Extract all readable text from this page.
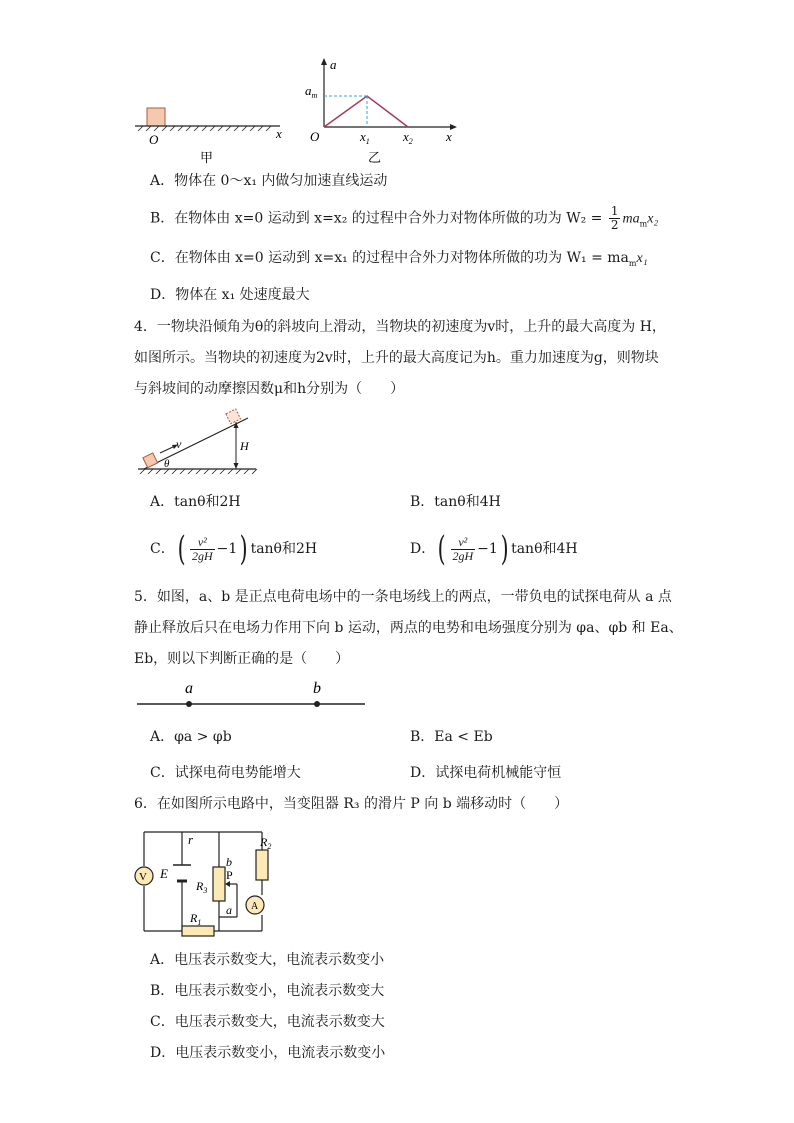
O	x
甲
a
$a_m$
O	x
$x_1$	$x_2$
乙
A．物体在 0～x₁ 内做匀加速直线运动
B．在物体由 x=0 运动到 x=x₂ 的过程中合外力对物体所做的功为 $W_2 = \frac{1}{2} ma_mx_2$
C．在物体由 x=0 运动到 x=x₁ 的过程中合外力对物体所做的功为 $W_1 = ma_mx_1$
D．物体在 x₁ 处速度最大
4．一物块沿倾角为θ的斜坡向上滑动，当物块的初速度为v时，上升的最大高度为 H，
如图所示。当物块的初速度为2v时，上升的最大高度记为h。重力加速度为g，则物块
与斜坡间的动摩擦因数μ和h分别为（　　）
v
θ
H
A．tanθ和2H	B．tanθ和4H
C．( $\frac{\text{v²}}{2gH} -1$) tanθ和2H	D．( $\frac{\text{v²}}{2gH} -1$) tanθ和4H
5．如图，a、b 是正点电荷电场中的一条电场线上的两点，一带负电的试探电荷从 a 点
静止释放后只在电场力作用下向 b 运动，两点的电势和电场强度分别为 φa、φb 和 Ea、
Eb，则以下判断正确的是（　　）
a	b
A．φa > φb	B．Ea < Eb
C．试探电荷电势能增大	D．试探电荷机械能守恒
6．在如图所示电路中，当变阻器 R₃ 的滑片 P 向 b 端移动时（　　）
V
A
E
r
b
P
a
$R_3$
$R_2$
$R_1$
A．电压表示数变大，电流表示数变小
B．电压表示数变小，电流表示数变大
C．电压表示数变大，电流表示数变大
D．电压表示数变小，电流表示数变小
